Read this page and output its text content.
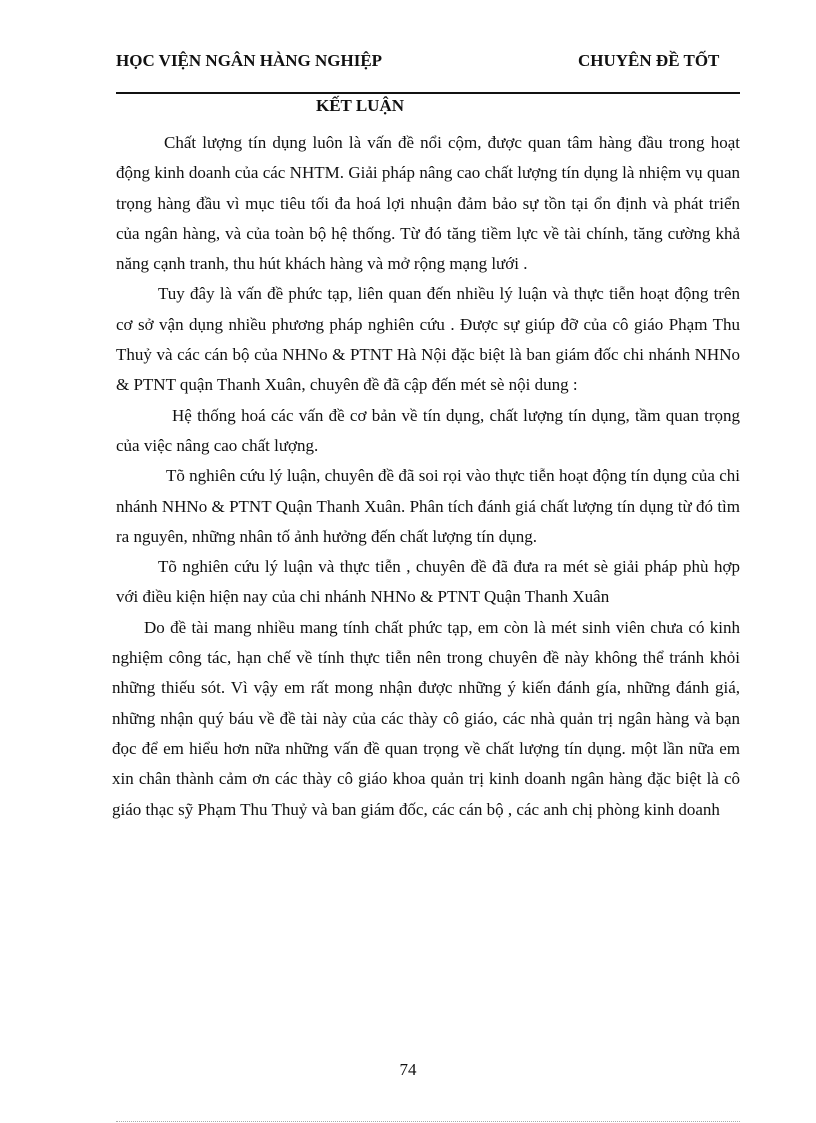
HỌC VIỆN NGÂN HÀNG NGHIỆP	CHUYÊN ĐỀ TỐT
KẾT LUẬN

Chất lượng tín dụng luôn là vấn đề nổi cộm, được quan tâm hàng đầu trong hoạt động kinh doanh của các NHTM. Giải pháp nâng cao chất lượng tín dụng là nhiệm vụ quan trọng hàng đầu vì mục tiêu tối đa hoá lợi nhuận đảm bảo sự tồn tại ổn định và phát triển của ngân hàng, và của toàn bộ hệ thống. Từ đó tăng tiềm lực về tài chính, tăng cường khả năng cạnh tranh, thu hút khách hàng và mở rộng mạng lưới .

Tuy đây là vấn đề phức tạp, liên quan đến nhiều lý luận và thực tiễn hoạt động trên cơ sở vận dụng nhiều phương pháp nghiên cứu . Được sự giúp đỡ của cô giáo Phạm Thu Thuỷ và các cán bộ của NHNo & PTNT Hà Nội đặc biệt là ban giám đốc chi nhánh NHNo & PTNT quận Thanh Xuân, chuyên đề đã cập đến mét sè nội dung :

Hệ thống hoá các vấn đề cơ bản về tín dụng, chất lượng tín dụng, tầm quan trọng của việc nâng cao chất lượng.

Tõ nghiên cứu lý luận, chuyên đề đã soi rọi vào thực tiễn hoạt động tín dụng của chi nhánh NHNo & PTNT Quận Thanh Xuân. Phân tích đánh giá chất lượng tín dụng từ đó tìm ra nguyên, những nhân tố ảnh hưởng đến chất lượng tín dụng.

Tõ nghiên cứu lý luận và thực tiễn , chuyên đề đã đưa ra mét sè giải pháp phù hợp với điều kiện hiện nay của chi nhánh NHNo & PTNT Quận Thanh Xuân

Do đề tài mang nhiều mang tính chất phức tạp, em còn là mét sinh viên chưa có kinh nghiệm công tác, hạn chế về tính thực tiễn nên trong chuyên đề này không thể tránh khỏi những thiếu sót. Vì vậy em rất mong nhận được những ý kiến đánh gía, những đánh giá, những nhận quý báu về đề tài này của các thày cô giáo, các nhà quản trị ngân hàng và bạn đọc để em hiểu hơn nữa những vấn đề quan trọng về chất lượng tín dụng. một lần nữa em xin chân thành cảm ơn các thày cô giáo khoa quản trị kinh doanh ngân hàng đặc biệt là cô giáo thạc sỹ Phạm Thu Thuỷ và ban giám đốc, các cán bộ , các anh chị phòng kinh doanh

74
